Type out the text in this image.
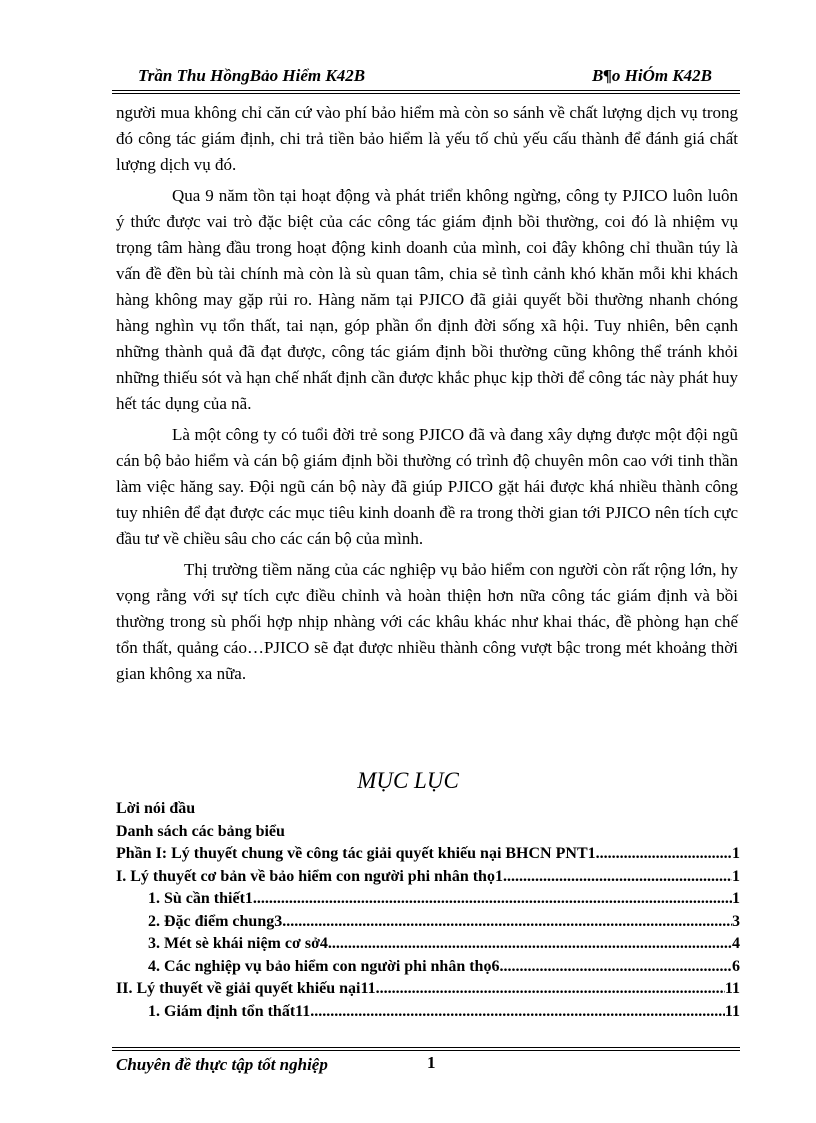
Trần Thu HồngBảo Hiểm K42B	B¶o HiÓm K42B

người mua không chỉ căn cứ vào phí bảo hiểm mà còn so sánh về chất lượng dịch vụ trong đó công tác giám định, chi trả tiền bảo hiểm là yếu tố chủ yếu cấu thành để đánh giá chất lượng dịch vụ đó.

Qua 9 năm tồn tại hoạt động và phát triển không ngừng, công ty PJICO luôn luôn ý thức được vai trò đặc biệt của các công tác giám định bồi thường, coi đó là nhiệm vụ trọng tâm hàng đầu trong hoạt động kinh doanh của mình, coi đây không chỉ thuần túy là vấn đề đền bù tài chính mà còn là sù quan tâm, chia sẻ tình cảnh khó khăn mỗi khi khách hàng không may gặp rủi ro. Hàng năm tại PJICO đã giải quyết bồi thường nhanh chóng hàng nghìn vụ tổn thất, tai nạn, góp phần ổn định đời sống xã hội. Tuy nhiên, bên cạnh những thành quả đã đạt được, công tác giám định bồi thường cũng không thể tránh khỏi những thiếu sót và hạn chế nhất định cần được khắc phục kịp thời để công tác này phát huy hết tác dụng của nã.

Là một công ty có tuổi đời trẻ song PJICO đã và đang xây dựng được một đội ngũ cán bộ bảo hiểm và cán bộ giám định bồi thường có trình độ chuyên môn cao với tinh thần làm việc hăng say. Đội ngũ cán bộ này đã giúp PJICO gặt hái được khá nhiều thành công tuy nhiên để đạt được các mục tiêu kinh doanh đề ra trong thời gian tới PJICO nên tích cực đầu tư về chiều sâu cho các cán bộ của mình.

Thị trường tiềm năng của các nghiệp vụ bảo hiểm con người còn rất rộng lớn, hy vọng rằng với sự tích cực điều chỉnh và hoàn thiện hơn nữa công tác giám định và bồi thường trong sù phối hợp nhịp nhàng với các khâu khác như khai thác, đề phòng hạn chế tổn thất, quảng cáo…PJICO sẽ đạt được nhiều thành công vượt bậc trong mét khoảng thời gian không xa nữa.

MỤC LỤC
Lời nói đầu
Danh sách các bảng biểu
Phần I: Lý thuyết chung về công tác giải quyết khiếu nại BHCN PNT1 .....	1
I. Lý thuyết cơ bản về bảo hiểm con người phi nhân thọ1 .....	1
1. Sù cần thiết1 .....	1
2. Đặc điểm chung3 .....	3
3. Mét sè khái niệm cơ sở4 .....	4
4. Các nghiệp vụ bảo hiểm con người phi nhân thọ6 .....	6
II. Lý thuyết về giải quyết khiếu nại11 .....	11
1. Giám định tổn thất11 .....	11
Chuyên đề thực tập tốt nghiệp	1
